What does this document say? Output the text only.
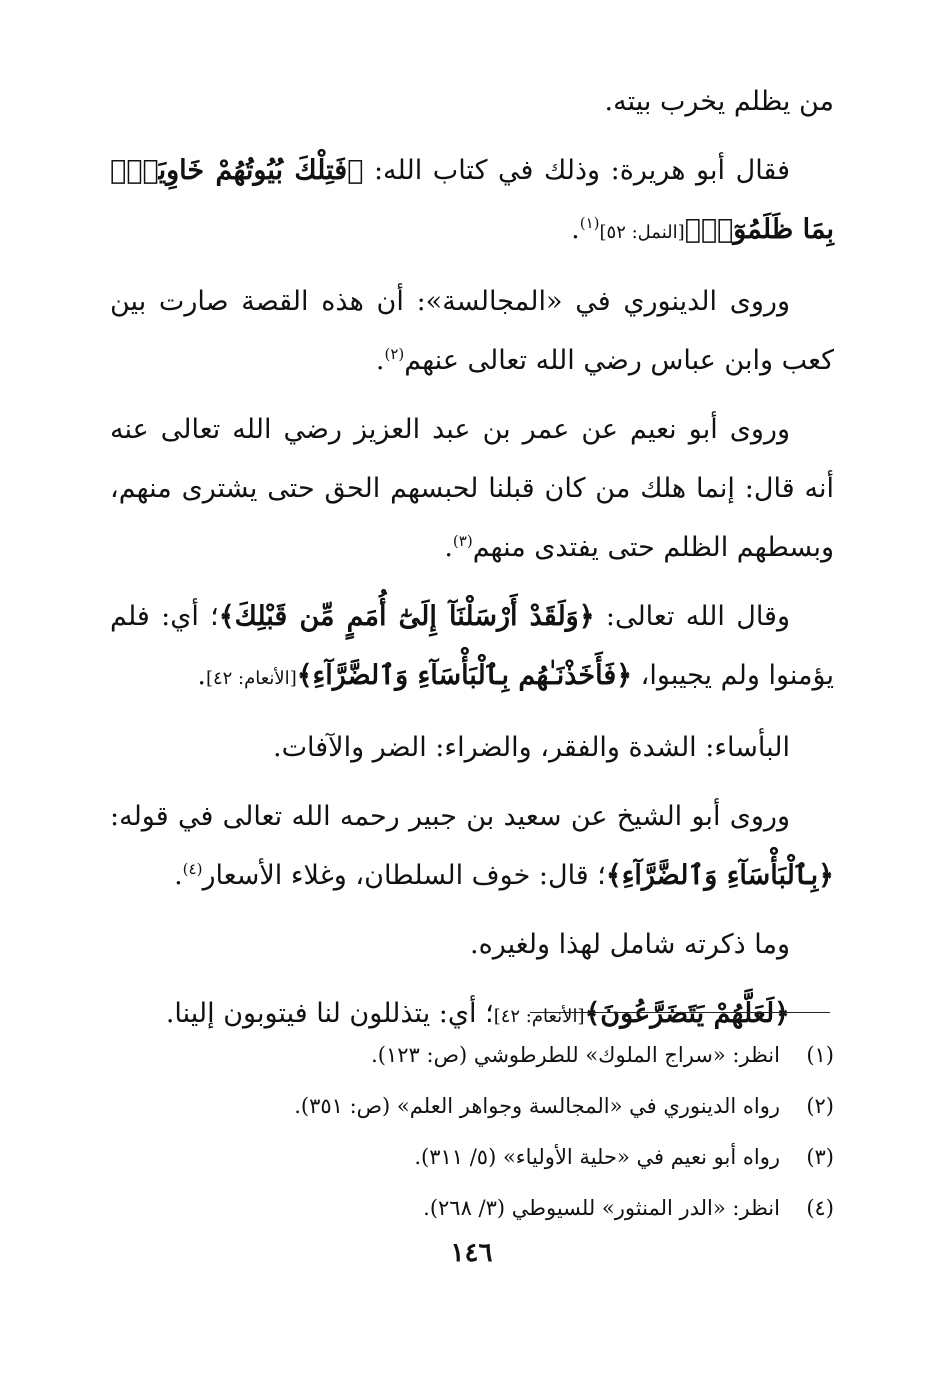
من يظلم يخرب بيته.

فقال أبو هريرة: وذلك في كتاب الله: ﴿فَتِلْكَ بُيُوتُهُمْ خَاوِيَةًۢ بِمَا ظَلَمُوٓا۟﴾[النمل: ٥٢]$^{(١)}$.

وروى الدينوري في «المجالسة»: أن هذه القصة صارت بين كعب وابن عباس رضي الله تعالى عنهم$^{(٢)}$.

وروى أبو نعيم عن عمر بن عبد العزيز رضي الله تعالى عنه أنه قال: إنما هلك من كان قبلنا لحبسهم الحق حتى يشترى منهم، وبسطهم الظلم حتى يفتدى منهم$^{(٣)}$.

وقال الله تعالى: ﴿وَلَقَدْ أَرْسَلْنَآ إِلَىٰٓ أُمَمٍ مِّن قَبْلِكَ﴾؛ أي: فلم يؤمنوا ولم يجيبوا، ﴿فَأَخَذْنَـٰهُم بِٱلْبَأْسَآءِ وَٱلضَّرَّآءِ﴾[الأنعام: ٤٢].

البأساء: الشدة والفقر، والضراء: الضر والآفات.

وروى أبو الشيخ عن سعيد بن جبير رحمه الله تعالى في قوله: ﴿بِٱلْبَأْسَآءِ وَٱلضَّرَّآءِ﴾؛ قال: خوف السلطان، وغلاء الأسعار$^{(٤)}$.

وما ذكرته شامل لهذا ولغيره.

﴿لَعَلَّهُمْ يَتَضَرَّعُونَ﴾[الأنعام: ٤٢]؛ أي: يتذللون لنا فيتوبون إلينا.

(١)
انظر: «سراج الملوك» للطرطوشي (ص: ١٢٣).
(٢)
رواه الدينوري في «المجالسة وجواهر العلم» (ص: ٣٥١).
(٣)
رواه أبو نعيم في «حلية الأولياء» (٥/ ٣١١).
(٤)
انظر: «الدر المنثور» للسيوطي (٣/ ٢٦٨).
١٤٦
